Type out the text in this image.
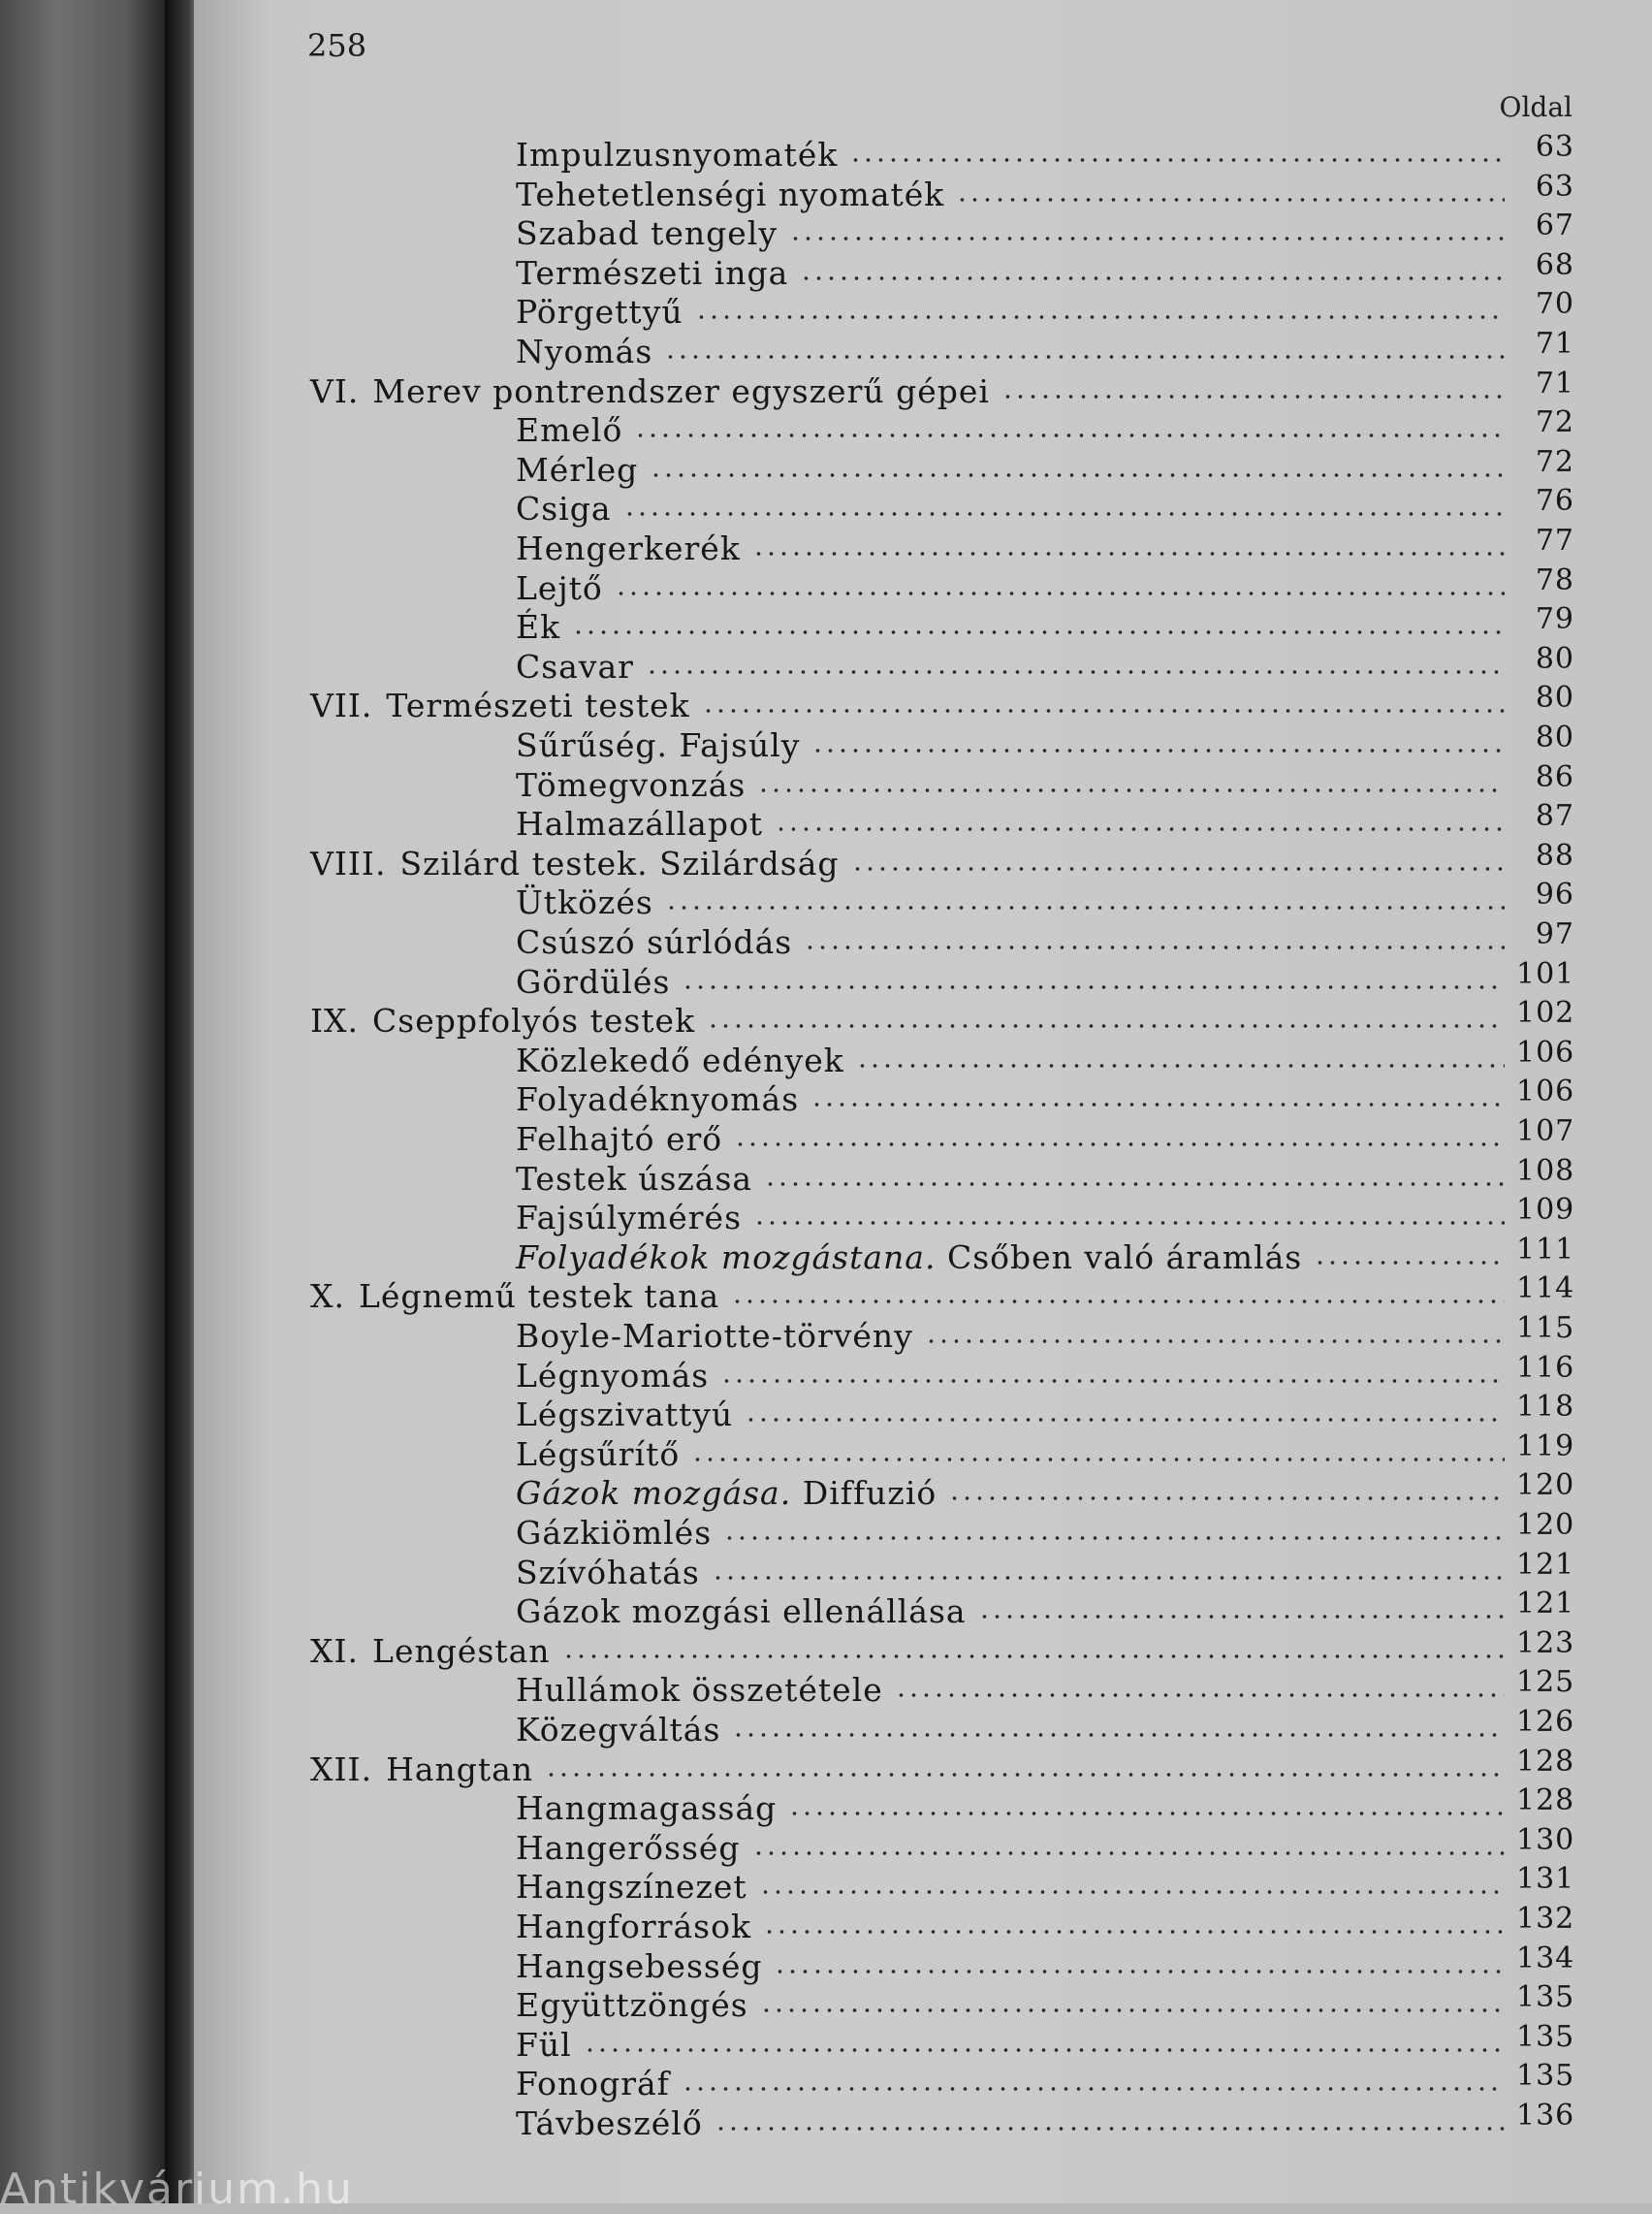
258
Oldal
Impulzusnyomaték	63
Tehetetlenségi nyomaték	63
Szabad tengely	67
Természeti inga	68
Pörgettyű	70
Nyomás	71
VI. Merev pontrendszer egyszerű gépei	71
Emelő	72
Mérleg	72
Csiga	76
Hengerkerék	77
Lejtő	78
Ék	79
Csavar	80
VII. Természeti testek	80
Sűrűség. Fajsúly	80
Tömegvonzás	86
Halmazállapot	87
VIII. Szilárd testek. Szilárdság	88
Ütközés	96
Csúszó súrlódás	97
Gördülés	101
IX. Cseppfolyós testek	102
Közlekedő edények	106
Folyadéknyomás	106
Felhajtó erő	107
Testek úszása	108
Fajsúlymérés	109
Folyadékok mozgástana. Csőben való áramlás	111
X. Légnemű testek tana	114
Boyle-Mariotte-törvény	115
Légnyomás	116
Légszivattyú	118
Légsűrítő	119
Gázok mozgása. Diffuzió	120
Gázkiömlés	120
Szívóhatás	121
Gázok mozgási ellenállása	121
XI. Lengéstan	123
Hullámok összetétele	125
Közegváltás	126
XII. Hangtan	128
Hangmagasság	128
Hangerősség	130
Hangszínezet	131
Hangforrások	132
Hangsebesség	134
Együttzöngés	135
Fül	135
Fonográf	135
Távbeszélő	136
Antikvárium.hu
